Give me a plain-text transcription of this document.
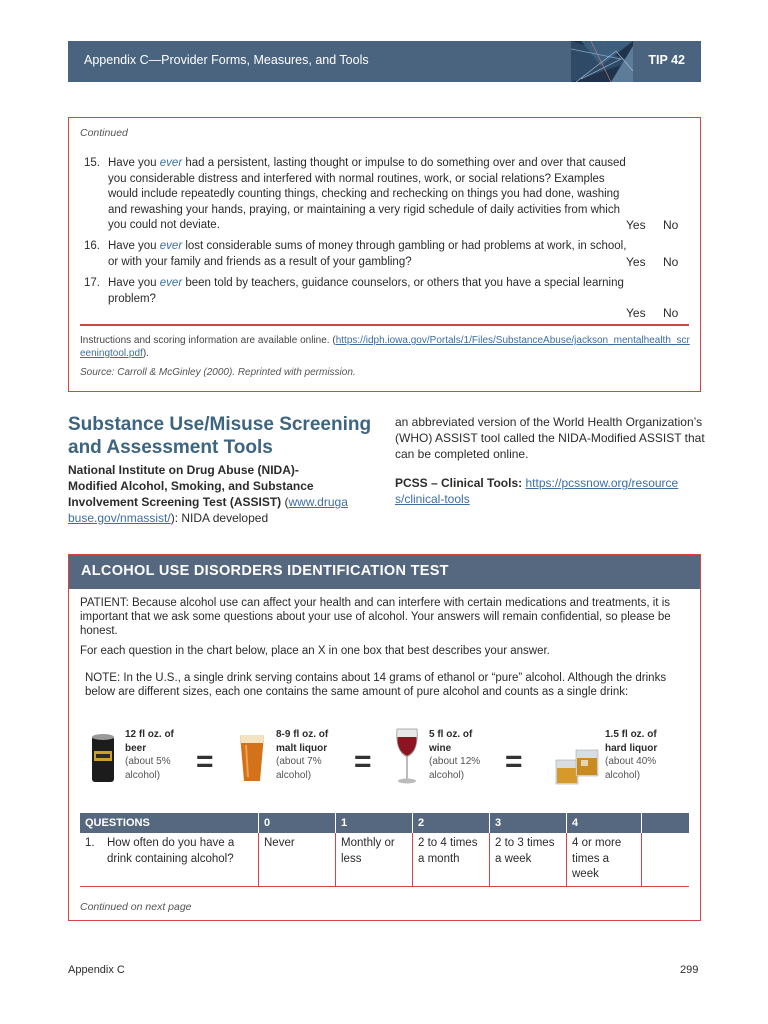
Appendix C—Provider Forms, Measures, and Tools	TIP 42
Continued
15. Have you ever had a persistent, lasting thought or impulse to do something over and over that caused you considerable distress and interfered with normal routines, work, or social relations? Examples would include repeatedly counting things, checking and rechecking on things you had done, washing and rewashing your hands, praying, or maintaining a very rigid schedule of daily activities from which you could not deviate.	Yes No
16. Have you ever lost considerable sums of money through gambling or had problems at work, in school, or with your family and friends as a result of your gambling?	Yes No
17. Have you ever been told by teachers, guidance counselors, or others that you have a special learning problem?
Yes No
Instructions and scoring information are available online. (https://idph.iowa.gov/Portals/1/Files/SubstanceAbuse/jackson_mentalhealth_screeningtool.pdf).
Source: Carroll & McGinley (2000). Reprinted with permission.
Substance Use/Misuse Screening and Assessment Tools
National Institute on Drug Abuse (NIDA)-Modified Alcohol, Smoking, and Substance Involvement Screening Test (ASSIST) (www.drugabuse.gov/nmassist/): NIDA developed
an abbreviated version of the World Health Organization’s (WHO) ASSIST tool called the NIDA-Modified ASSIST that can be completed online.
PCSS – Clinical Tools: https://pcssnow.org/resources/clinical-tools
ALCOHOL USE DISORDERS IDENTIFICATION TEST
PATIENT: Because alcohol use can affect your health and can interfere with certain medications and treatments, it is important that we ask some questions about your use of alcohol. Your answers will remain confidential, so please be honest.
For each question in the chart below, place an X in one box that best describes your answer.
NOTE: In the U.S., a single drink serving contains about 14 grams of ethanol or “pure” alcohol. Although the drinks below are different sizes, each one contains the same amount of pure alcohol and counts as a single drink:
12 fl oz. of
beer
(about 5%
alcohol)	=
8-9 fl oz. of
malt liquor
(about 7%
alcohol)	=
5 fl oz. of
wine
(about 12%
alcohol)	=
1.5 fl oz. of
hard liquor
(about 40%
alcohol)
Continued on next page
QUESTIONS	0	1	2	3	4	

1. How often do you have a drink containing alcohol?	Never	Monthly or less	2 to 4 times a month	2 to 3 times a week	4 or more times a week	
Appendix C	299
